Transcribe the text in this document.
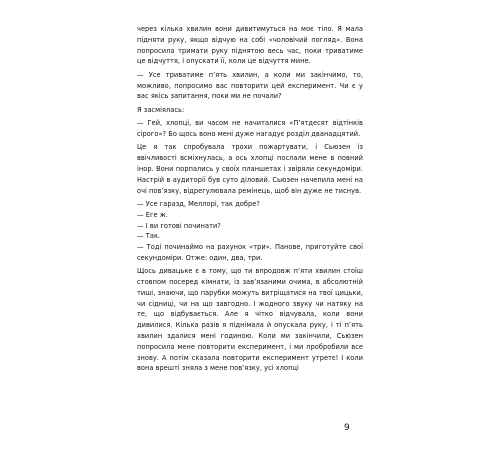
через кілька хвилин вони дивитимуться на моє тіло. Я мала підняти руку, якщо відчую на собі «чоловічий погляд». Вона попросила тримати руку піднятою весь час, поки триватиме це відчуття, і опускати її, коли це відчуття мине.

— Усе триватиме п’ять хвилин, а коли ми закінчимо, то, можливо, попросимо вас повторити цей експеримент. Чи є у вас якісь запитання, поки ми не почали?

Я засміялась:

— Гей, хлопці, ви часом не начиталися «П’ятдесят відтінків сірого»? Бо щось воно мені дуже нагадує розділ дванадцятий.

Це я так спробувала трохи пожартувати, і Сьюзен із ввічливості всміхнулась, а ось хлопці послали мене в повний інор. Вони порпались у своїх планшетах і звіряли секундоміри. Настрій в аудиторії був суто діловий. Сьюзен начепила мені на очі пов’язку, відрегулювала ремінець, щоб він дуже не тиснув.

— Усе гаразд, Меллорі, так добре?

— Еге ж.

— І ви готові починати?

— Так.

— Тоді починаймо на рахунок «три». Панове, приготуйте свої секундоміри. Отже: один, два, три.

Щось дивацьке є в тому, що ти впродовж п’яти хвилин стоїш стовпом посеред кімнати, із зав’язаними очима, в абсолютній тиші, знаючи, що парубки можуть витріщатися на твої цицьки, чи сідниці, чи на що завгодно. І жодного звуку чи натяку на те, що відбувається. Але я чітко відчувала, коли вони дивилися. Кілька разів я піднімала й опускала руку, і ті п’ять хвилин здалися мені годиною. Коли ми закінчили, Сьюзен попросила мене повторити експеримент, і ми пробробили все знову. А потім сказала повторити експеримент утретє! І коли вона врешті зняла з мене пов’язку, усі хлопці

9
